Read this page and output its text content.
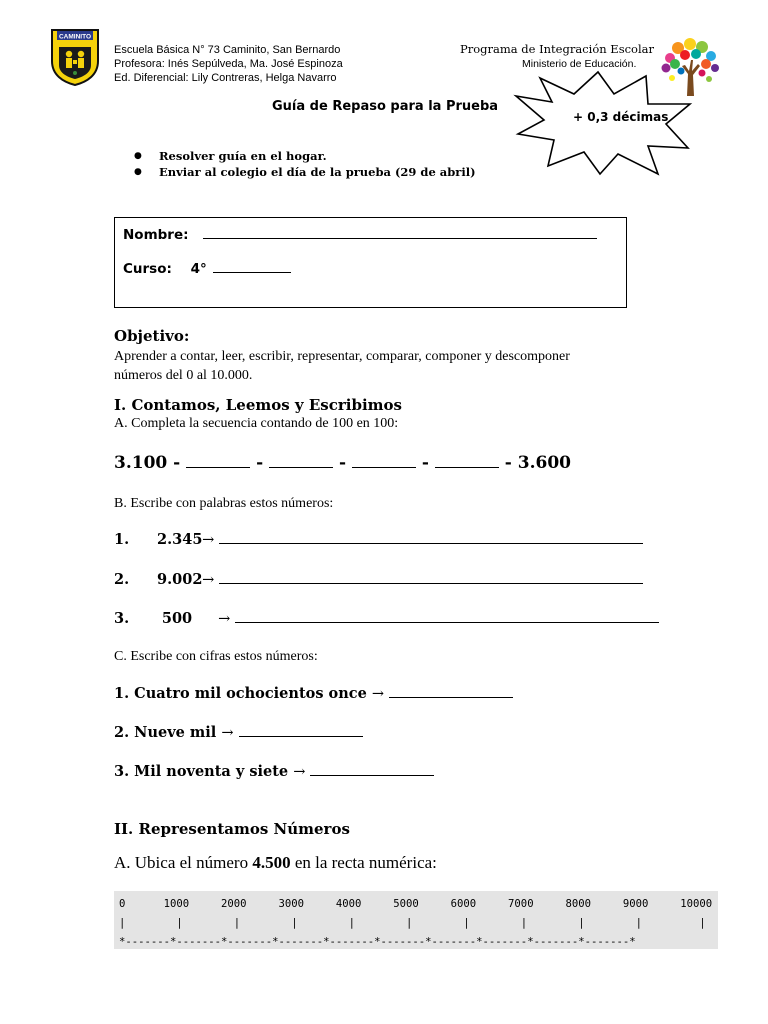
CAMINITO
Escuela Básica N° 73 Caminito, San Bernardo
Profesora: Inés Sepúlveda, Ma. José Espinoza
Ed. Diferencial: Lily Contreras, Helga Navarro
Programa de Integración Escolar
Ministerio de Educación.
Guía de Repaso para la Prueba
+ 0,3 décimas
● Resolver guía en el hogar.
● Enviar al colegio el día de la prueba (29 de abril)
Nombre:
Curso: 4°
Objetivo:
Aprender a contar, leer, escribir, representar, comparar, componer y descomponer
números del 0 al 10.000.
I. Contamos, Leemos y Escribimos
A. Completa la secuencia contando de 100 en 100:
3.100 -	-	-	-	- 3.600
B. Escribe con palabras estos números:
1. 2.345 →
2. 9.002 →
3. 500 →
C. Escribe con cifras estos números:
1. Cuatro mil ochocientos once →
2. Nueve mil →
3. Mil noventa y siete →
II. Representamos Números
A. Ubica el número 4.500 en la recta numérica:
0      1000     2000     3000     4000     5000     6000     7000     8000     9000     10000
|        |        |        |        |        |        |        |        |        |         |
*-------*-------*-------*-------*-------*-------*-------*-------*-------*-------*
